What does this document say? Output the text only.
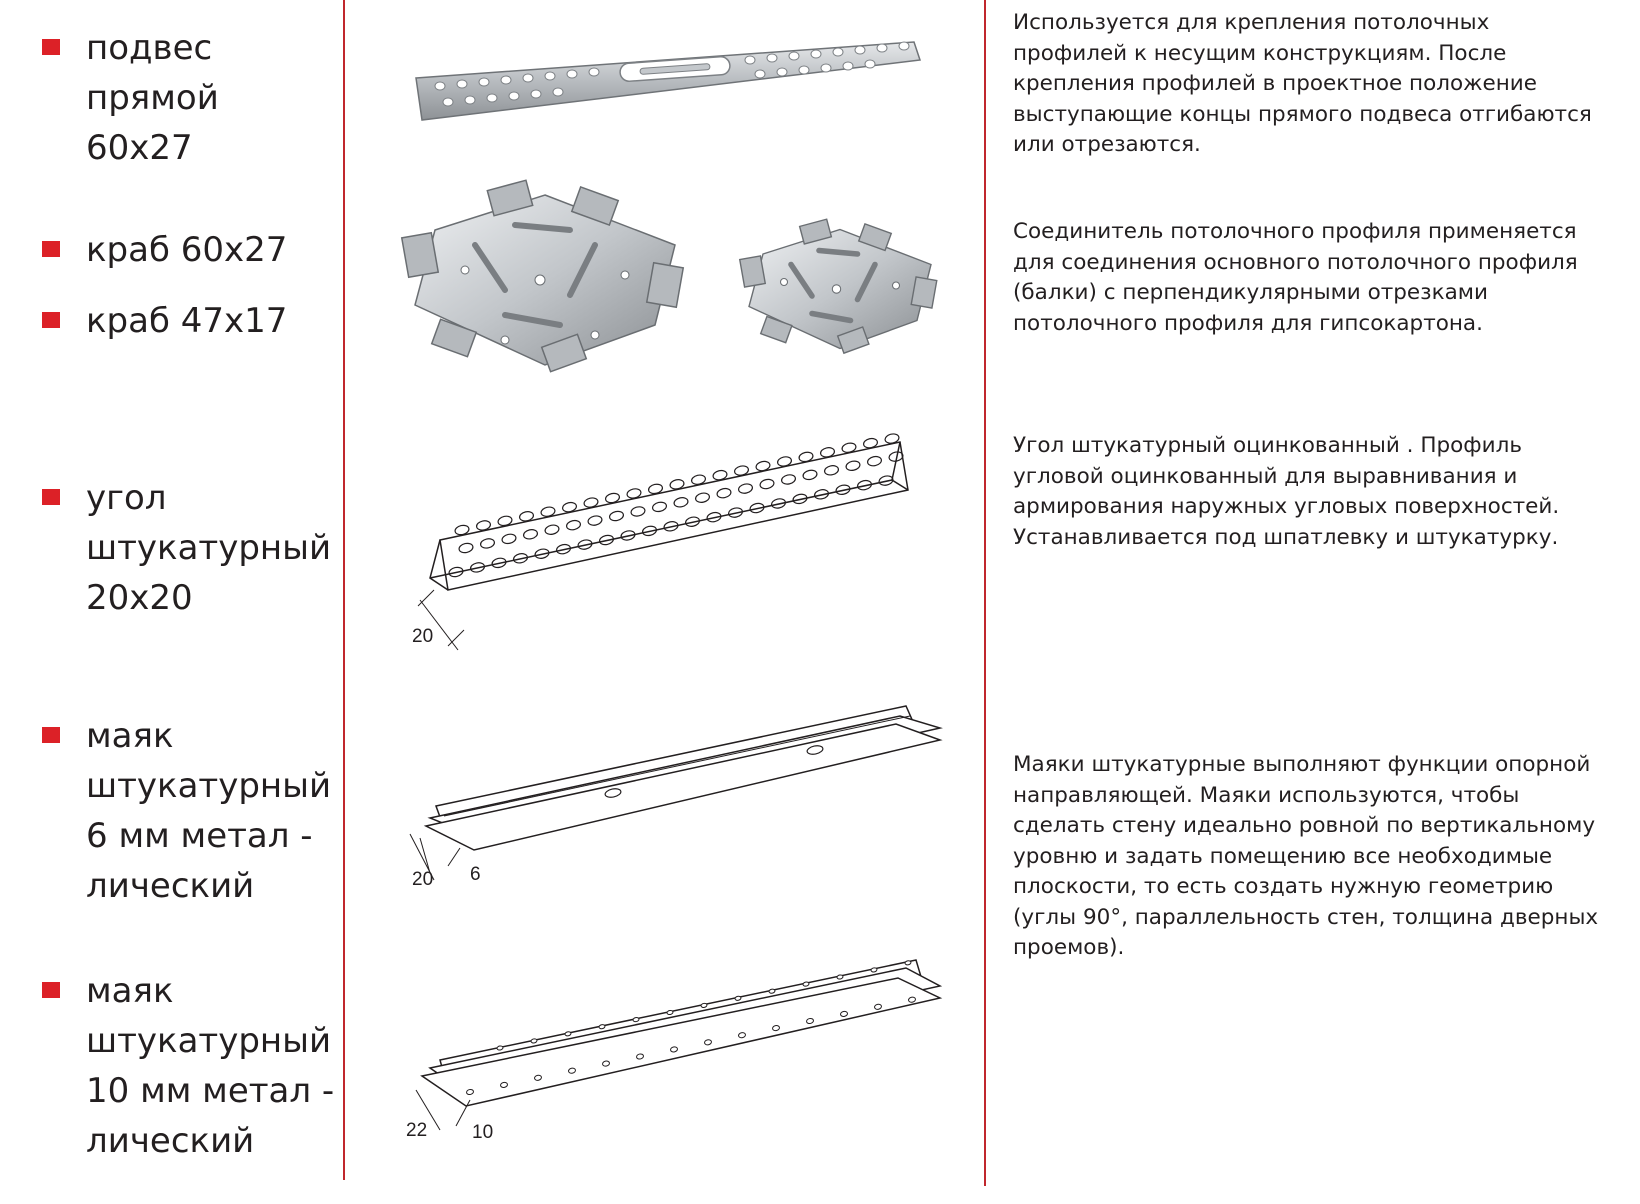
подвес
прямой
60х27
краб 60х27
краб 47х17
угол
штукатурный
20х20
маяк
штукатурный
6 мм метал -
лический
маяк
штукатурный
10 мм метал -
лический
Используется для крепления потолочных профилей к несущим конструкциям. После крепления профилей в проектное положение выступающие концы прямого подвеса отгибаются или отрезаются.
Соединитель потолочного профиля применяется для соединения основного потолочного профиля (балки) с перпендикулярными отрезками потолочного профиля для гипсокартона.
Угол штукатурный оцинкованный . Профиль угловой оцинкованный для выравнивания и армирования наружных угловых поверхностей. Устанавливается под шпатлевку и штукатурку.
Маяки штукатурные выполняют функции опорной направляющей. Маяки используются, чтобы сделать стену идеально ровной по вертикальному уровню и задать помещению все необходимые плоскости, то есть создать нужную геометрию (углы 90°, параллельность стен, толщина дверных проемов).
20
20 6
22 10
